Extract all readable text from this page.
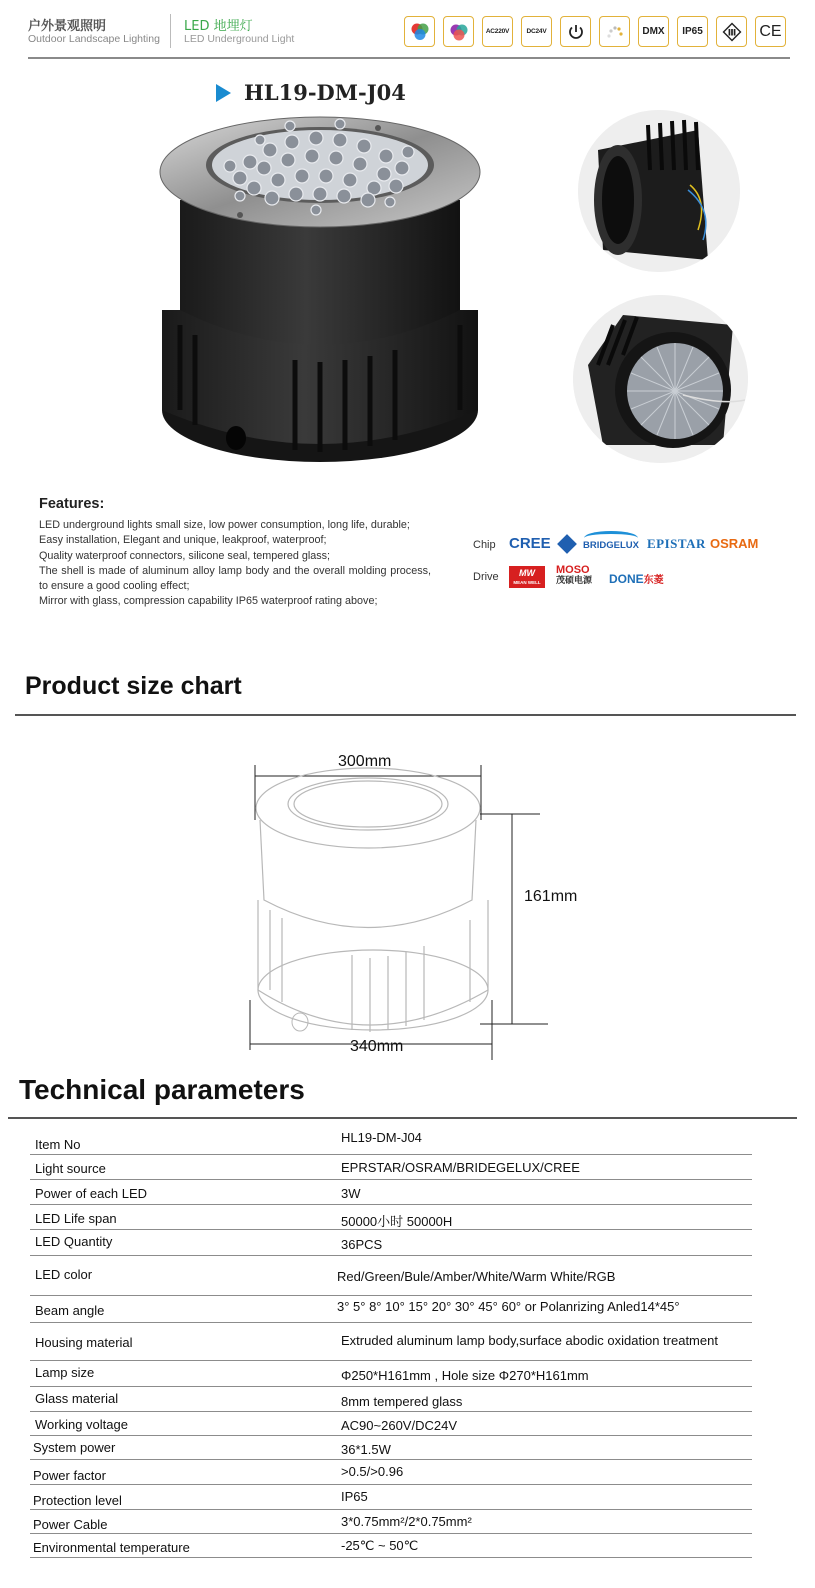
户外景观照明
Outdoor Landscape Lighting
LED 地埋灯
LED Underground Light
AC220V	DC24V	DMX	IP65	Ⅲ CE
HL19-DM-J04
Features:
LED underground lights small size, low power consumption, long life, durable;
Easy installation, Elegant and unique, leakproof, waterproof;
Quality waterproof connectors, silicone seal, tempered glass;
The shell is made of aluminum alloy lamp body and the overall molding process, to ensure a good cooling effect;
Mirror with glass, compression capability IP65 waterproof rating above;
Chip
Drive
CREE	BRIDGELUX EPISTAR OSRAM
MW
MEAN WELL
MOSO
茂硕电源 DONE东菱
Product size chart
300mm
161mm
340mm
Technical parameters
Item No	HL19-DM-J04
Light source	EPRSTAR/OSRAM/BRIDEGELUX/CREE
Power of each LED	3W
LED Life span	50000小时 50000H
LED Quantity	36PCS
LED color	Red/Green/Bule/Amber/White/Warm White/RGB
Beam angle	3° 5° 8° 10° 15° 20° 30° 45° 60° or Polanrizing Anled14*45°
Housing material	Extruded aluminum lamp body,surface abodic oxidation treatment
Lamp size	Φ250*H161mm , Hole size Φ270*H161mm
Glass material	8mm tempered glass
Working voltage	AC90~260V/DC24V
System power	36*1.5W
Power factor	>0.5/>0.96
Protection level	IP65
Power Cable	3*0.75mm²/2*0.75mm²
Environmental temperature	-25℃ ~ 50℃
